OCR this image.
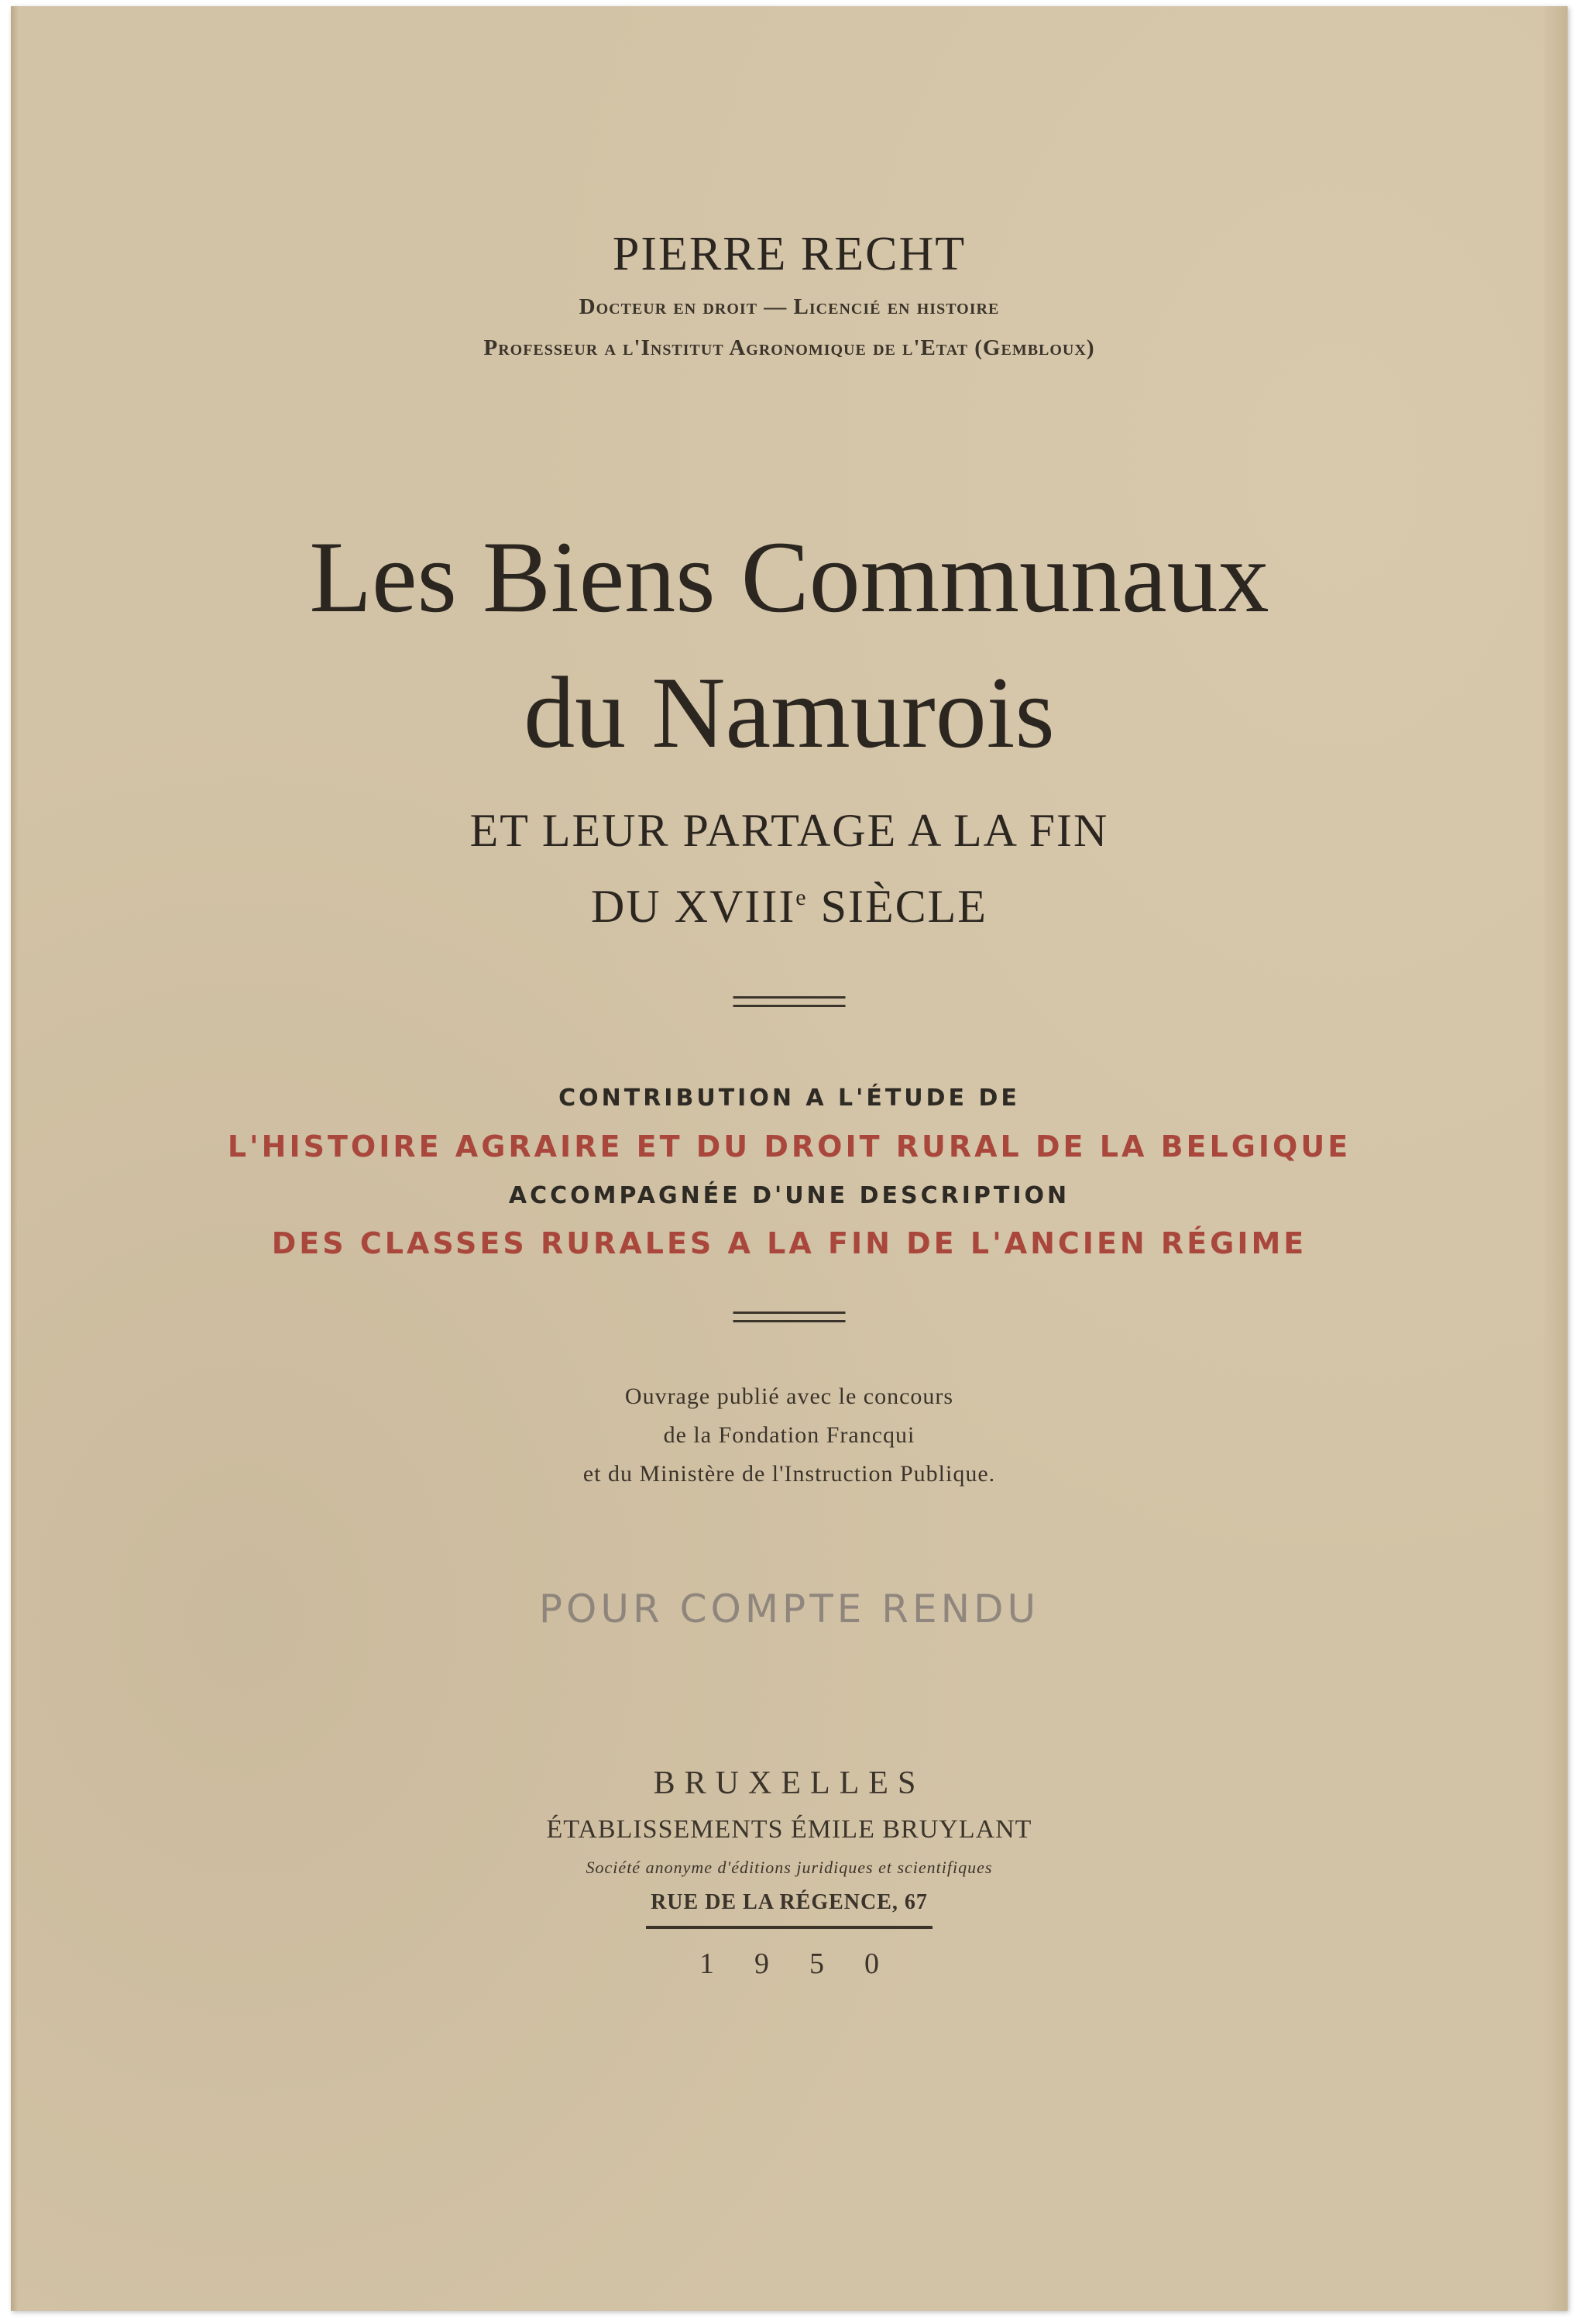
PIERRE RECHT
Docteur en droit — Licencié en histoire
Professeur a l'Institut Agronomique de l'Etat (Gembloux)
Les Biens Communaux
du Namurois
ET LEUR PARTAGE A LA FIN
DU XVIIIe SIÈCLE
CONTRIBUTION A L'ÉTUDE DE
L'HISTOIRE AGRAIRE ET DU DROIT RURAL DE LA BELGIQUE
ACCOMPAGNÉE D'UNE DESCRIPTION
DES CLASSES RURALES A LA FIN DE L'ANCIEN RÉGIME
Ouvrage publié avec le concours
de la Fondation Francqui
et du Ministère de l'Instruction Publique.
POUR COMPTE RENDU
BRUXELLES
ÉTABLISSEMENTS ÉMILE BRUYLANT
Société anonyme d'éditions juridiques et scientifiques
RUE DE LA RÉGENCE, 67
1950
